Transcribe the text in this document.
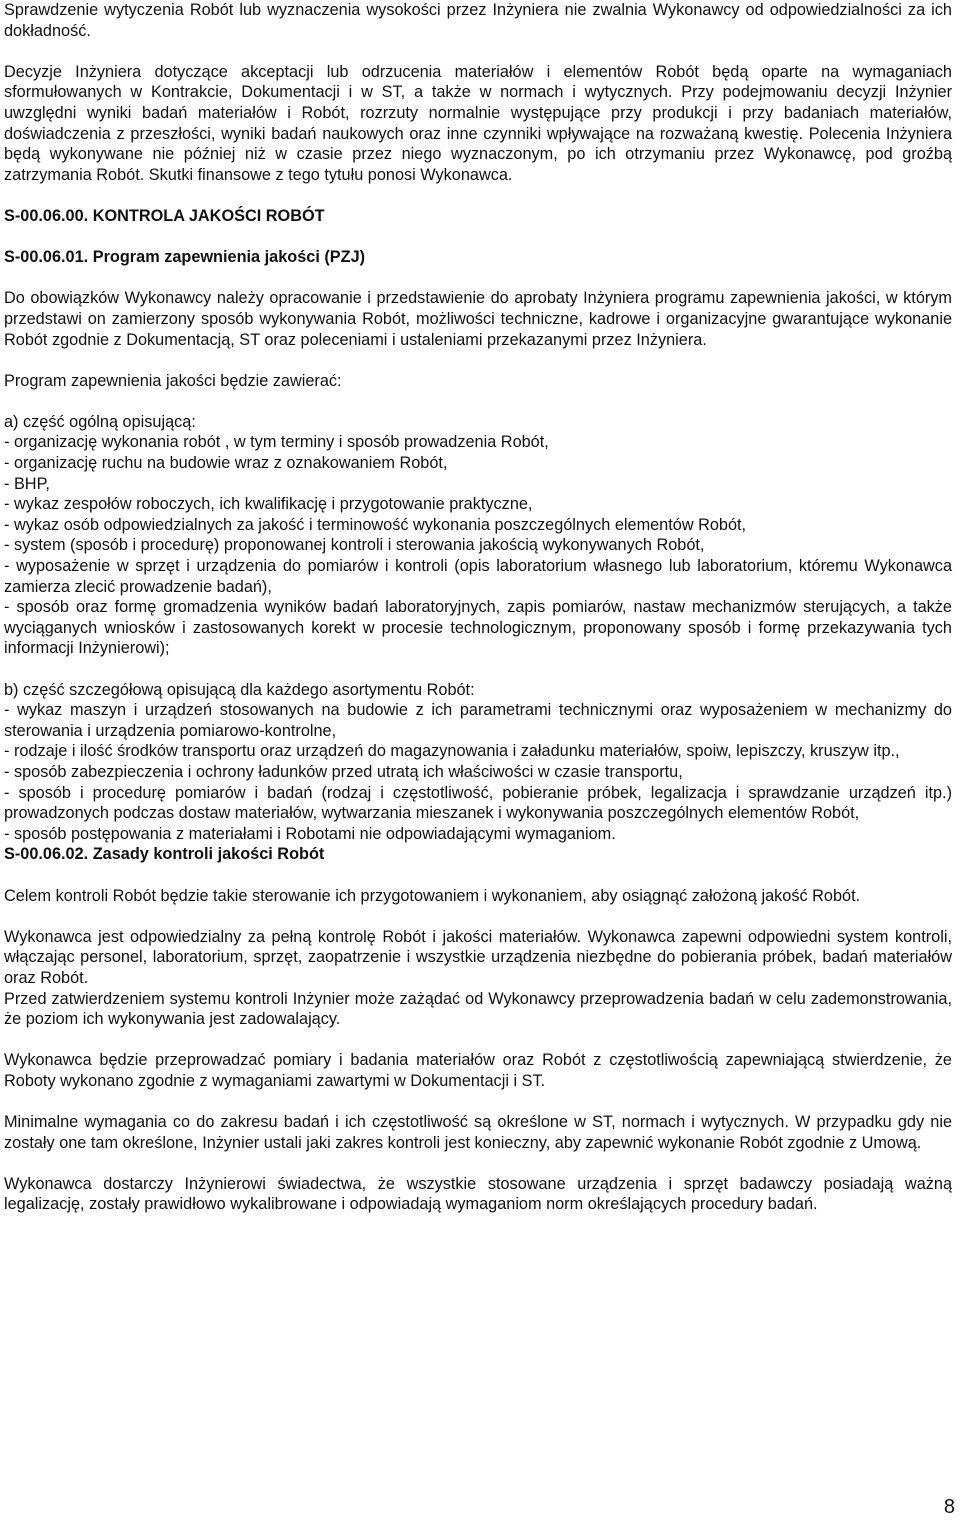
Sprawdzenie wytyczenia Robót lub wyznaczenia wysokości przez Inżyniera nie zwalnia Wykonawcy od odpowiedzialności za ich dokładność.

Decyzje Inżyniera dotyczące akceptacji lub odrzucenia materiałów i elementów Robót będą oparte na wymaganiach sformułowanych w Kontrakcie, Dokumentacji i w ST, a także w normach i wytycznych. Przy podejmowaniu decyzji Inżynier uwzględni wyniki badań materiałów i Robót, rozrzuty normalnie występujące przy produkcji i przy badaniach materiałów, doświadczenia z przeszłości, wyniki badań naukowych oraz inne czynniki wpływające na rozważaną kwestię. Polecenia Inżyniera będą wykonywane nie później niż w czasie przez niego wyznaczonym, po ich otrzymaniu przez Wykonawcę, pod groźbą zatrzymania Robót. Skutki finansowe z tego tytułu ponosi Wykonawca.

S-00.06.00. KONTROLA JAKOŚCI ROBÓT

S-00.06.01. Program zapewnienia jakości (PZJ)

Do obowiązków Wykonawcy należy opracowanie i przedstawienie do aprobaty Inżyniera programu zapewnienia jakości, w którym przedstawi on zamierzony sposób wykonywania Robót, możliwości techniczne, kadrowe i organizacyjne gwarantujące wykonanie Robót zgodnie z Dokumentacją, ST oraz poleceniami i ustaleniami przekazanymi przez Inżyniera.

Program zapewnienia jakości będzie zawierać:

a) część ogólną opisującą:

- organizację wykonania robót , w tym terminy i sposób prowadzenia Robót,

- organizację ruchu na budowie wraz z oznakowaniem Robót,

- BHP,

- wykaz zespołów roboczych, ich kwalifikację i przygotowanie praktyczne,

- wykaz osób odpowiedzialnych za jakość i terminowość wykonania poszczególnych elementów Robót,

- system (sposób i procedurę) proponowanej kontroli i sterowania jakością wykonywanych Robót,

- wyposażenie w sprzęt i urządzenia do pomiarów i kontroli (opis laboratorium własnego lub laboratorium, któremu Wykonawca zamierza zlecić prowadzenie badań),

- sposób oraz formę gromadzenia wyników badań laboratoryjnych, zapis pomiarów, nastaw mechanizmów sterujących, a także wyciąganych wniosków i zastosowanych korekt w procesie technologicznym, proponowany sposób i formę przekazywania tych informacji Inżynierowi);

b) część szczegółową opisującą dla każdego asortymentu Robót:

- wykaz maszyn i urządzeń stosowanych na budowie z ich parametrami technicznymi oraz wyposażeniem w mechanizmy do sterowania i urządzenia pomiarowo-kontrolne,

- rodzaje i ilość środków transportu oraz urządzeń do magazynowania i załadunku materiałów, spoiw, lepiszczy, kruszyw itp.,

- sposób zabezpieczenia i ochrony ładunków przed utratą ich właściwości w czasie transportu,

- sposób i procedurę pomiarów i badań (rodzaj i częstotliwość, pobieranie próbek, legalizacja i sprawdzanie urządzeń itp.) prowadzonych podczas dostaw materiałów, wytwarzania mieszanek i wykonywania poszczególnych elementów Robót,

- sposób postępowania z materiałami i Robotami nie odpowiadającymi wymaganiom.

S-00.06.02. Zasady kontroli jakości Robót

Celem kontroli Robót będzie takie sterowanie ich przygotowaniem i wykonaniem, aby osiągnąć założoną jakość Robót.

Wykonawca jest odpowiedzialny za pełną kontrolę Robót i jakości materiałów. Wykonawca zapewni odpowiedni system kontroli, włączając personel, laboratorium, sprzęt, zaopatrzenie i wszystkie urządzenia niezbędne do pobierania próbek, badań materiałów oraz Robót.

Przed zatwierdzeniem systemu kontroli Inżynier może zażądać od Wykonawcy przeprowadzenia badań w celu zademonstrowania, że poziom ich wykonywania jest zadowalający.

Wykonawca będzie przeprowadzać pomiary i badania materiałów oraz Robót z częstotliwością zapewniającą stwierdzenie, że Roboty wykonano zgodnie z wymaganiami zawartymi w Dokumentacji i ST.

Minimalne wymagania co do zakresu badań i ich częstotliwość są określone w ST, normach i wytycznych. W przypadku gdy nie zostały one tam określone, Inżynier ustali jaki zakres kontroli jest konieczny, aby zapewnić wykonanie Robót zgodnie z Umową.

Wykonawca dostarczy Inżynierowi świadectwa, że wszystkie stosowane urządzenia i sprzęt badawczy posiadają ważną legalizację, zostały prawidłowo wykalibrowane i odpowiadają wymaganiom norm określających procedury badań.

8
